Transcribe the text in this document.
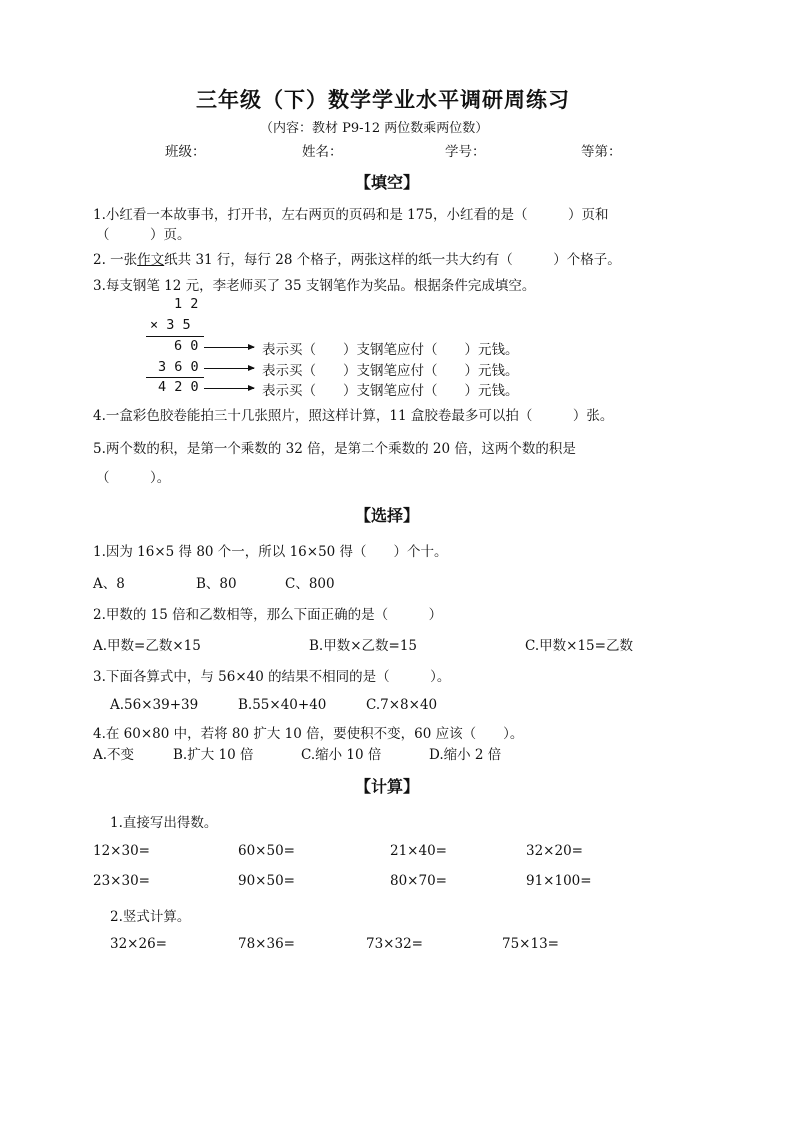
三年级（下）数学学业水平调研周练习
（内容：教材 P9-12 两位数乘两位数）
班级：	姓名：	学号：	等第：
【填空】
1.小红看一本故事书，打开书，左右两页的页码和是 175，小红看的是（　　　）页和
（　　　）页。
2. 一张作文纸共 31 行，每行 28 个格子，两张这样的纸一共大约有（　　　）个格子。
3.每支钢笔 12 元，李老师买了 35 支钢笔作为奖品。根据条件完成填空。
1 2
× 3 5
6 0
3 6 0
4 2 0
表示买（　　）支钢笔应付（　　）元钱。
表示买（　　）支钢笔应付（　　）元钱。
表示买（　　）支钢笔应付（　　）元钱。
4.一盒彩色胶卷能拍三十几张照片，照这样计算，11 盒胶卷最多可以拍（　　　）张。
5.两个数的积，是第一个乘数的 32 倍，是第二个乘数的 20 倍，这两个数的积是
（　　　）。
【选择】
1.因为 16×5 得 80 个一，所以 16×50 得（　　）个十。
A、8	B、80	C、800
2.甲数的 15 倍和乙数相等，那么下面正确的是（　　　）
A.甲数=乙数×15	B.甲数×乙数=15	C.甲数×15=乙数
3.下面各算式中，与 56×40 的结果不相同的是（　　　）。
A.56×39+39	B.55×40+40	C.7×8×40
4.在 60×80 中，若将 80 扩大 10 倍，要使积不变，60 应该（　　）。
A.不变	B.扩大 10 倍	C.缩小 10 倍	D.缩小 2 倍
【计算】
1.直接写出得数。
12×30=	60×50=	21×40=	32×20=
23×30=	90×50=	80×70=	91×100=
2.竖式计算。
32×26=	78×36=	73×32=	75×13=
